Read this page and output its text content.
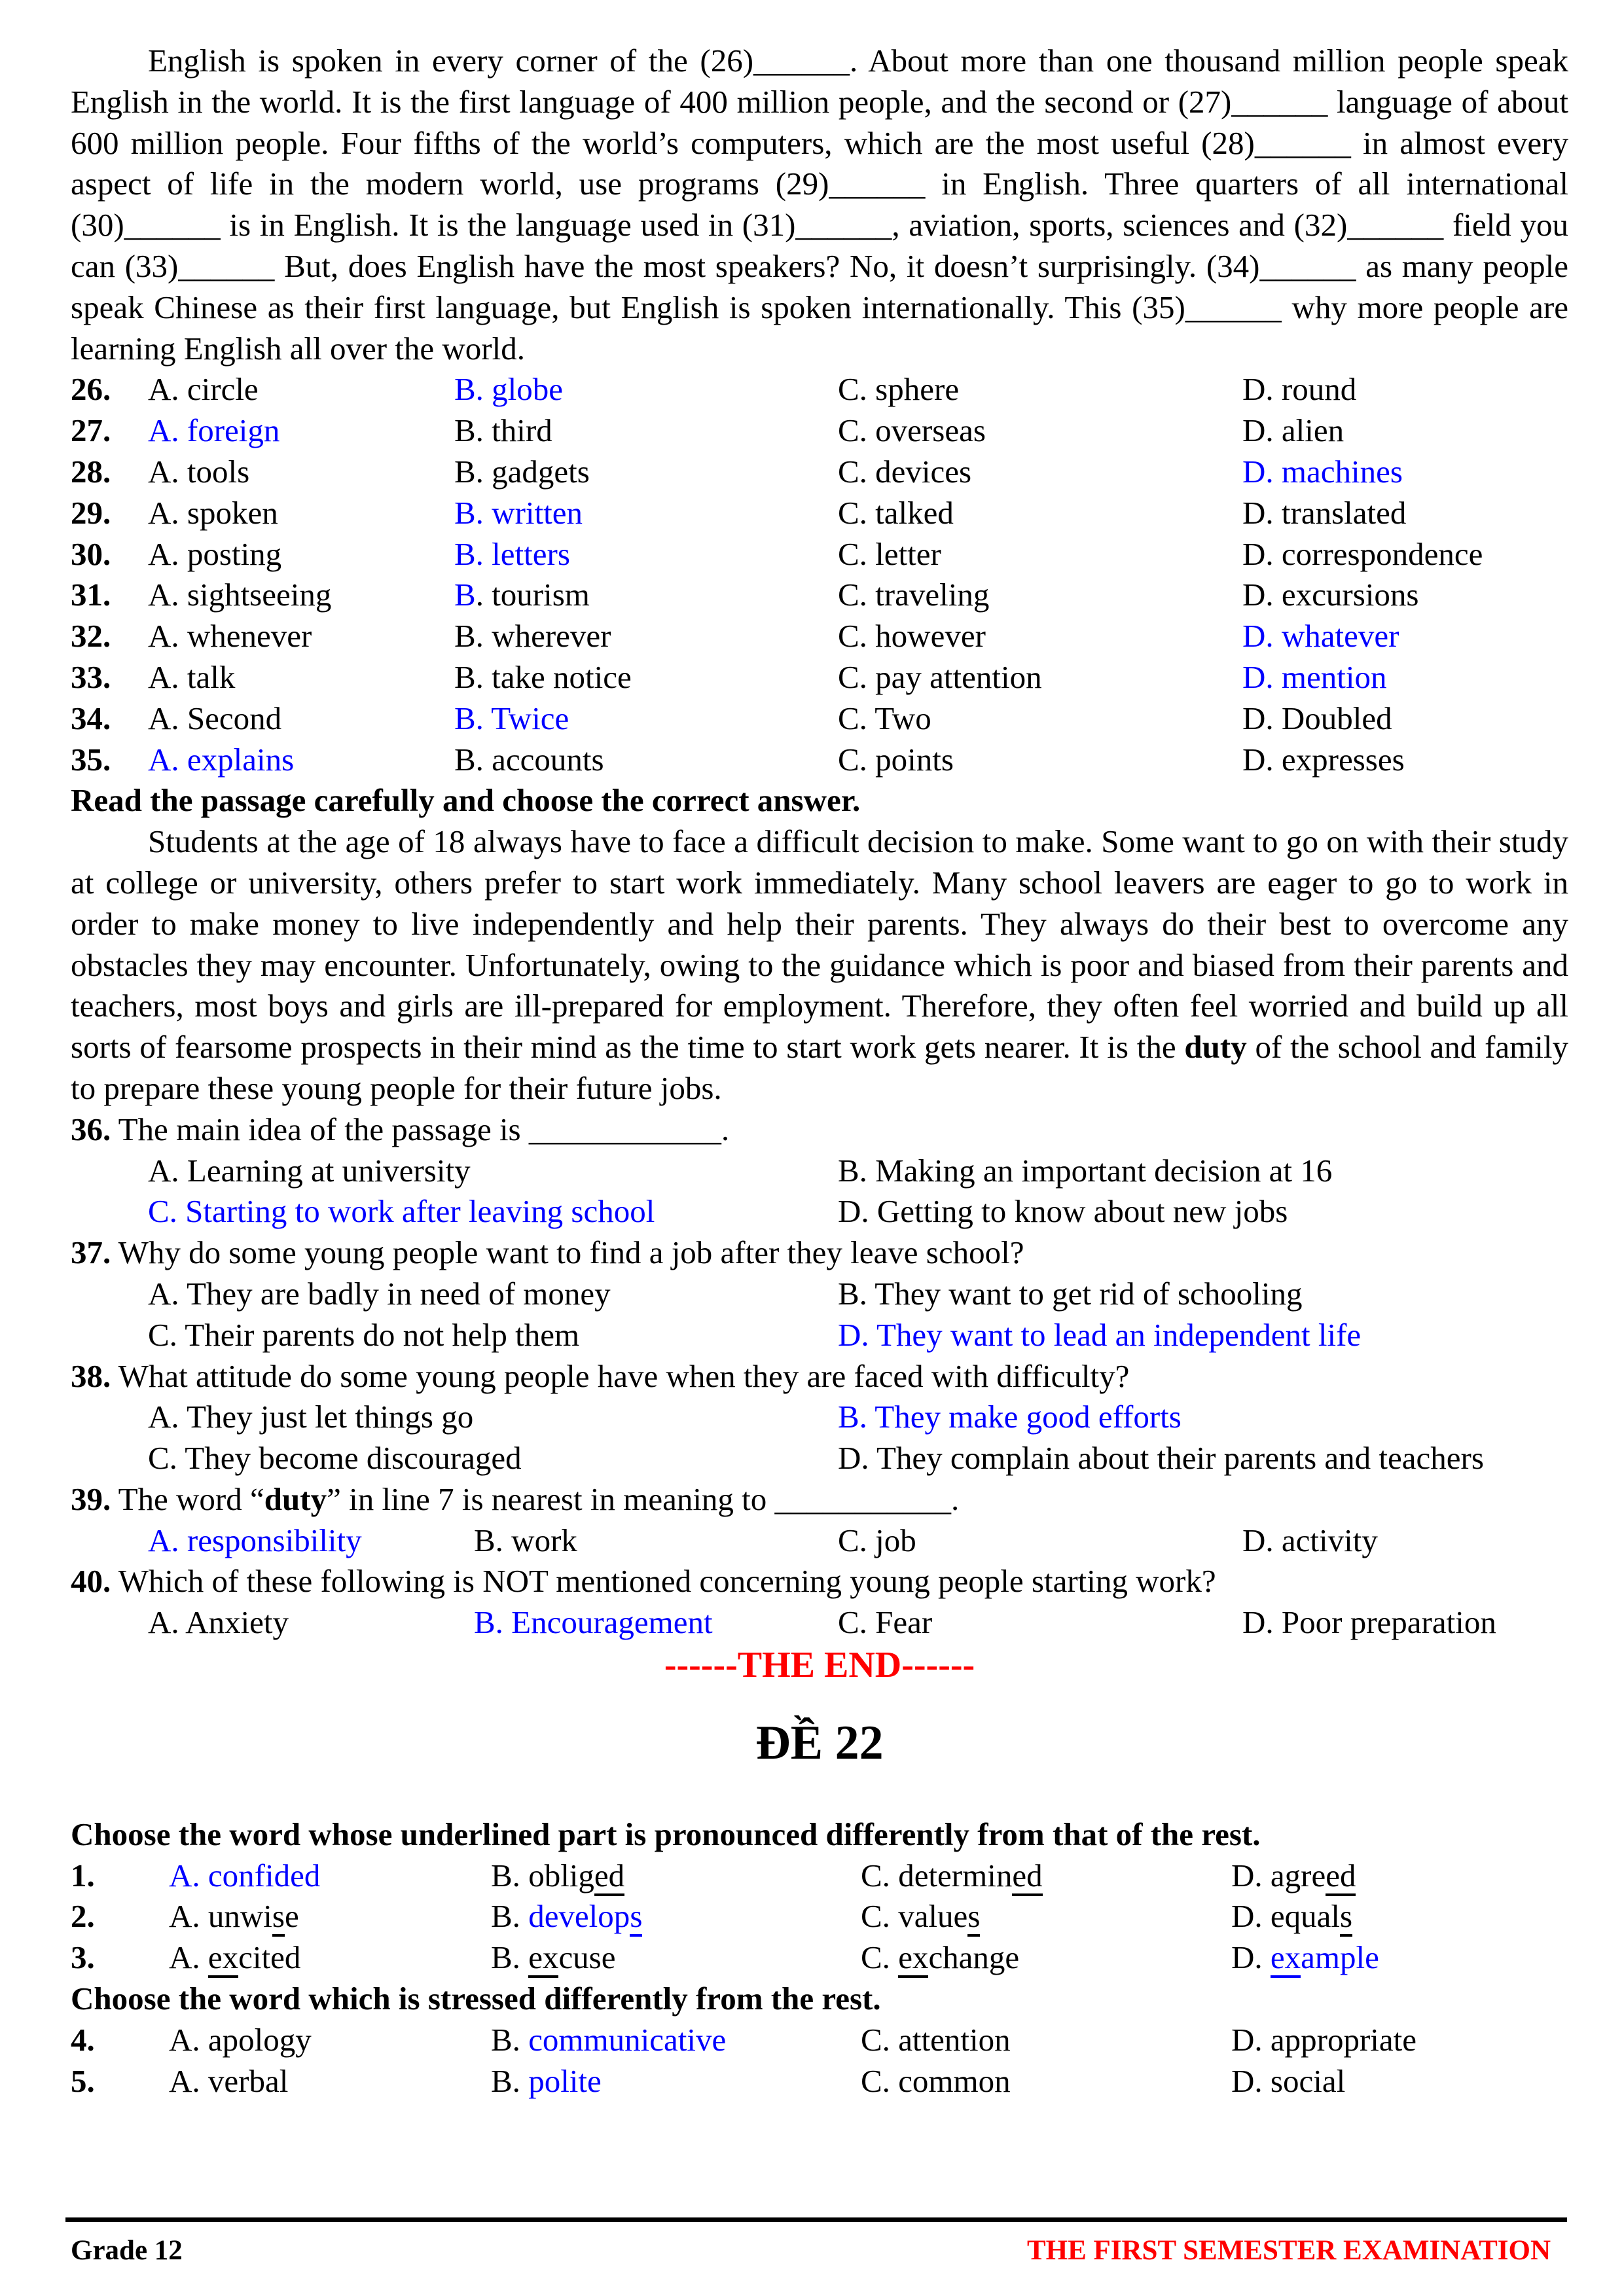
English is spoken in every corner of the (26)______. About more than one thousand million people speak English in the world. It is the first language of 400 million people, and the second or (27)______ language of about 600 million people. Four fifths of the world’s computers, which are the most useful (28)______ in almost every aspect of life in the modern world, use programs (29)______ in English. Three quarters of all international (30)______ is in English. It is the language used in (31)______, aviation, sports, sciences and (32)______ field you can (33)______ But, does English have the most speakers? No, it doesn’t surprisingly. (34)______ as many people speak Chinese as their first language, but English is spoken internationally. This (35)______ why more people are learning English all over the world.

26. A. circle	B. globe	C. sphere	D. round
27. A. foreign	B. third	C. overseas	D. alien
28. A. tools	B. gadgets	C. devices	D. machines
29. A. spoken	B. written	C. talked	D. translated
30. A. posting	B. letters	C. letter	D. correspondence
31. A. sightseeing	B. tourism	C. traveling	D. excursions
32. A. whenever	B. wherever	C. however	D. whatever
33. A. talk	B. take notice	C. pay attention	D. mention
34. A. Second	B. Twice	C. Two	D. Doubled
35. A. explains	B. accounts	C. points	D. expresses
Read the passage carefully and choose the correct answer.

Students at the age of 18 always have to face a difficult decision to make. Some want to go on with their study at college or university, others prefer to start work immediately. Many school leavers are eager to go to work in order to make money to live independently and help their parents. They always do their best to overcome any obstacles they may encounter. Unfortunately, owing to the guidance which is poor and biased from their parents and teachers, most boys and girls are ill-prepared for employment. Therefore, they often feel worried and build up all sorts of fearsome prospects in their mind as the time to start work gets nearer. It is the duty of the school and family to prepare these young people for their future jobs.

36. The main idea of the passage is ____________.
A. Learning at university	B. Making an important decision at 16
C. Starting to work after leaving school	D. Getting to know about new jobs
37. Why do some young people want to find a job after they leave school?
A. They are badly in need of money	B. They want to get rid of schooling
C. Their parents do not help them	D. They want to lead an independent life
38. What attitude do some young people have when they are faced with difficulty?
A. They just let things go	B. They make good efforts
C. They become discouraged	D. They complain about their parents and teachers
39. The word “duty” in line 7 is nearest in meaning to ___________.
A. responsibility	B. work	C. job	D. activity
40. Which of these following is NOT mentioned concerning young people starting work?
A. Anxiety	B. Encouragement	C. Fear	D. Poor preparation
------THE END------
ĐỀ 22
Choose the word whose underlined part is pronounced differently from that of the rest.
1. A. confided	B. obliged	C. determined	D. agreed
2. A. unwise	B. develops	C. values	D. equals
3. A. excited	B. excuse	C. exchange	D. example
Choose the word which is stressed differently from the rest.
4. A. apology	B. communicative	C. attention	D. appropriate
5. A. verbal	B. polite	C. common	D. social
Grade 12	THE FIRST SEMESTER EXAMINATION
